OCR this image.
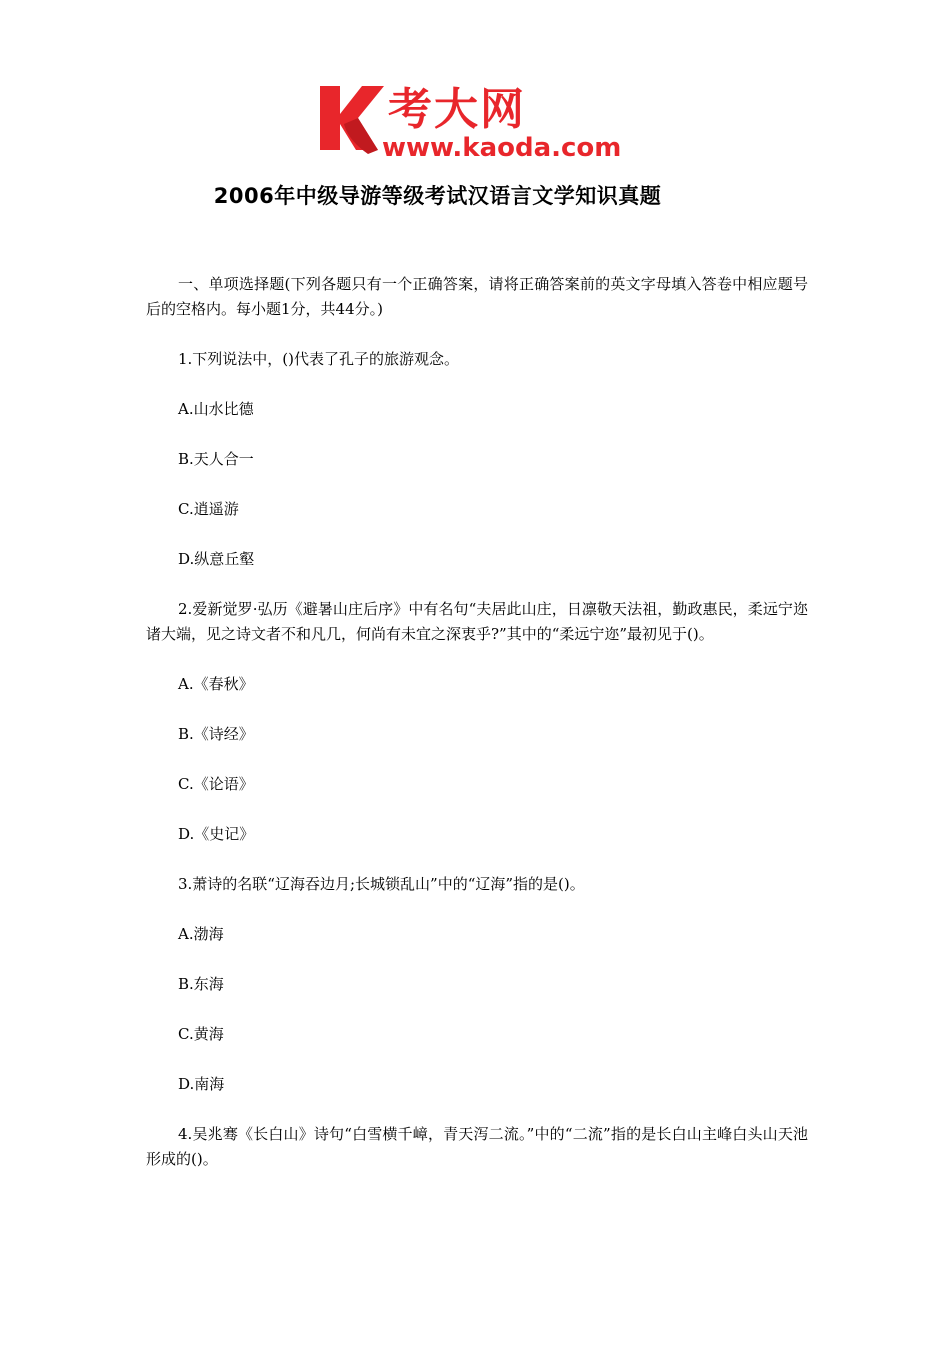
考大网
www.kaoda.com
2006年中级导游等级考试汉语言文学知识真题

一、单项选择题(下列各题只有一个正确答案，请将正确答案前的英文字母填入答卷中相应题号后的空格内。每小题1分，共44分。)

1.下列说法中，()代表了孔子的旅游观念。

A.山水比德

B.天人合一

C.逍遥游

D.纵意丘壑

2.爱新觉罗·弘历《避暑山庄后序》中有名句“夫居此山庄，日凛敬天法祖，勤政惠民，柔远宁迩诸大端，见之诗文者不和凡几，何尚有未宜之深衷乎?”其中的“柔远宁迩”最初见于()。

A.《春秋》

B.《诗经》

C.《论语》

D.《史记》

3.萧诗的名联“辽海吞边月;长城锁乱山”中的“辽海”指的是()。

A.渤海

B.东海

C.黄海

D.南海

4.吴兆骞《长白山》诗句“白雪横千嶂，青天泻二流。”中的“二流”指的是长白山主峰白头山天池形成的()。
